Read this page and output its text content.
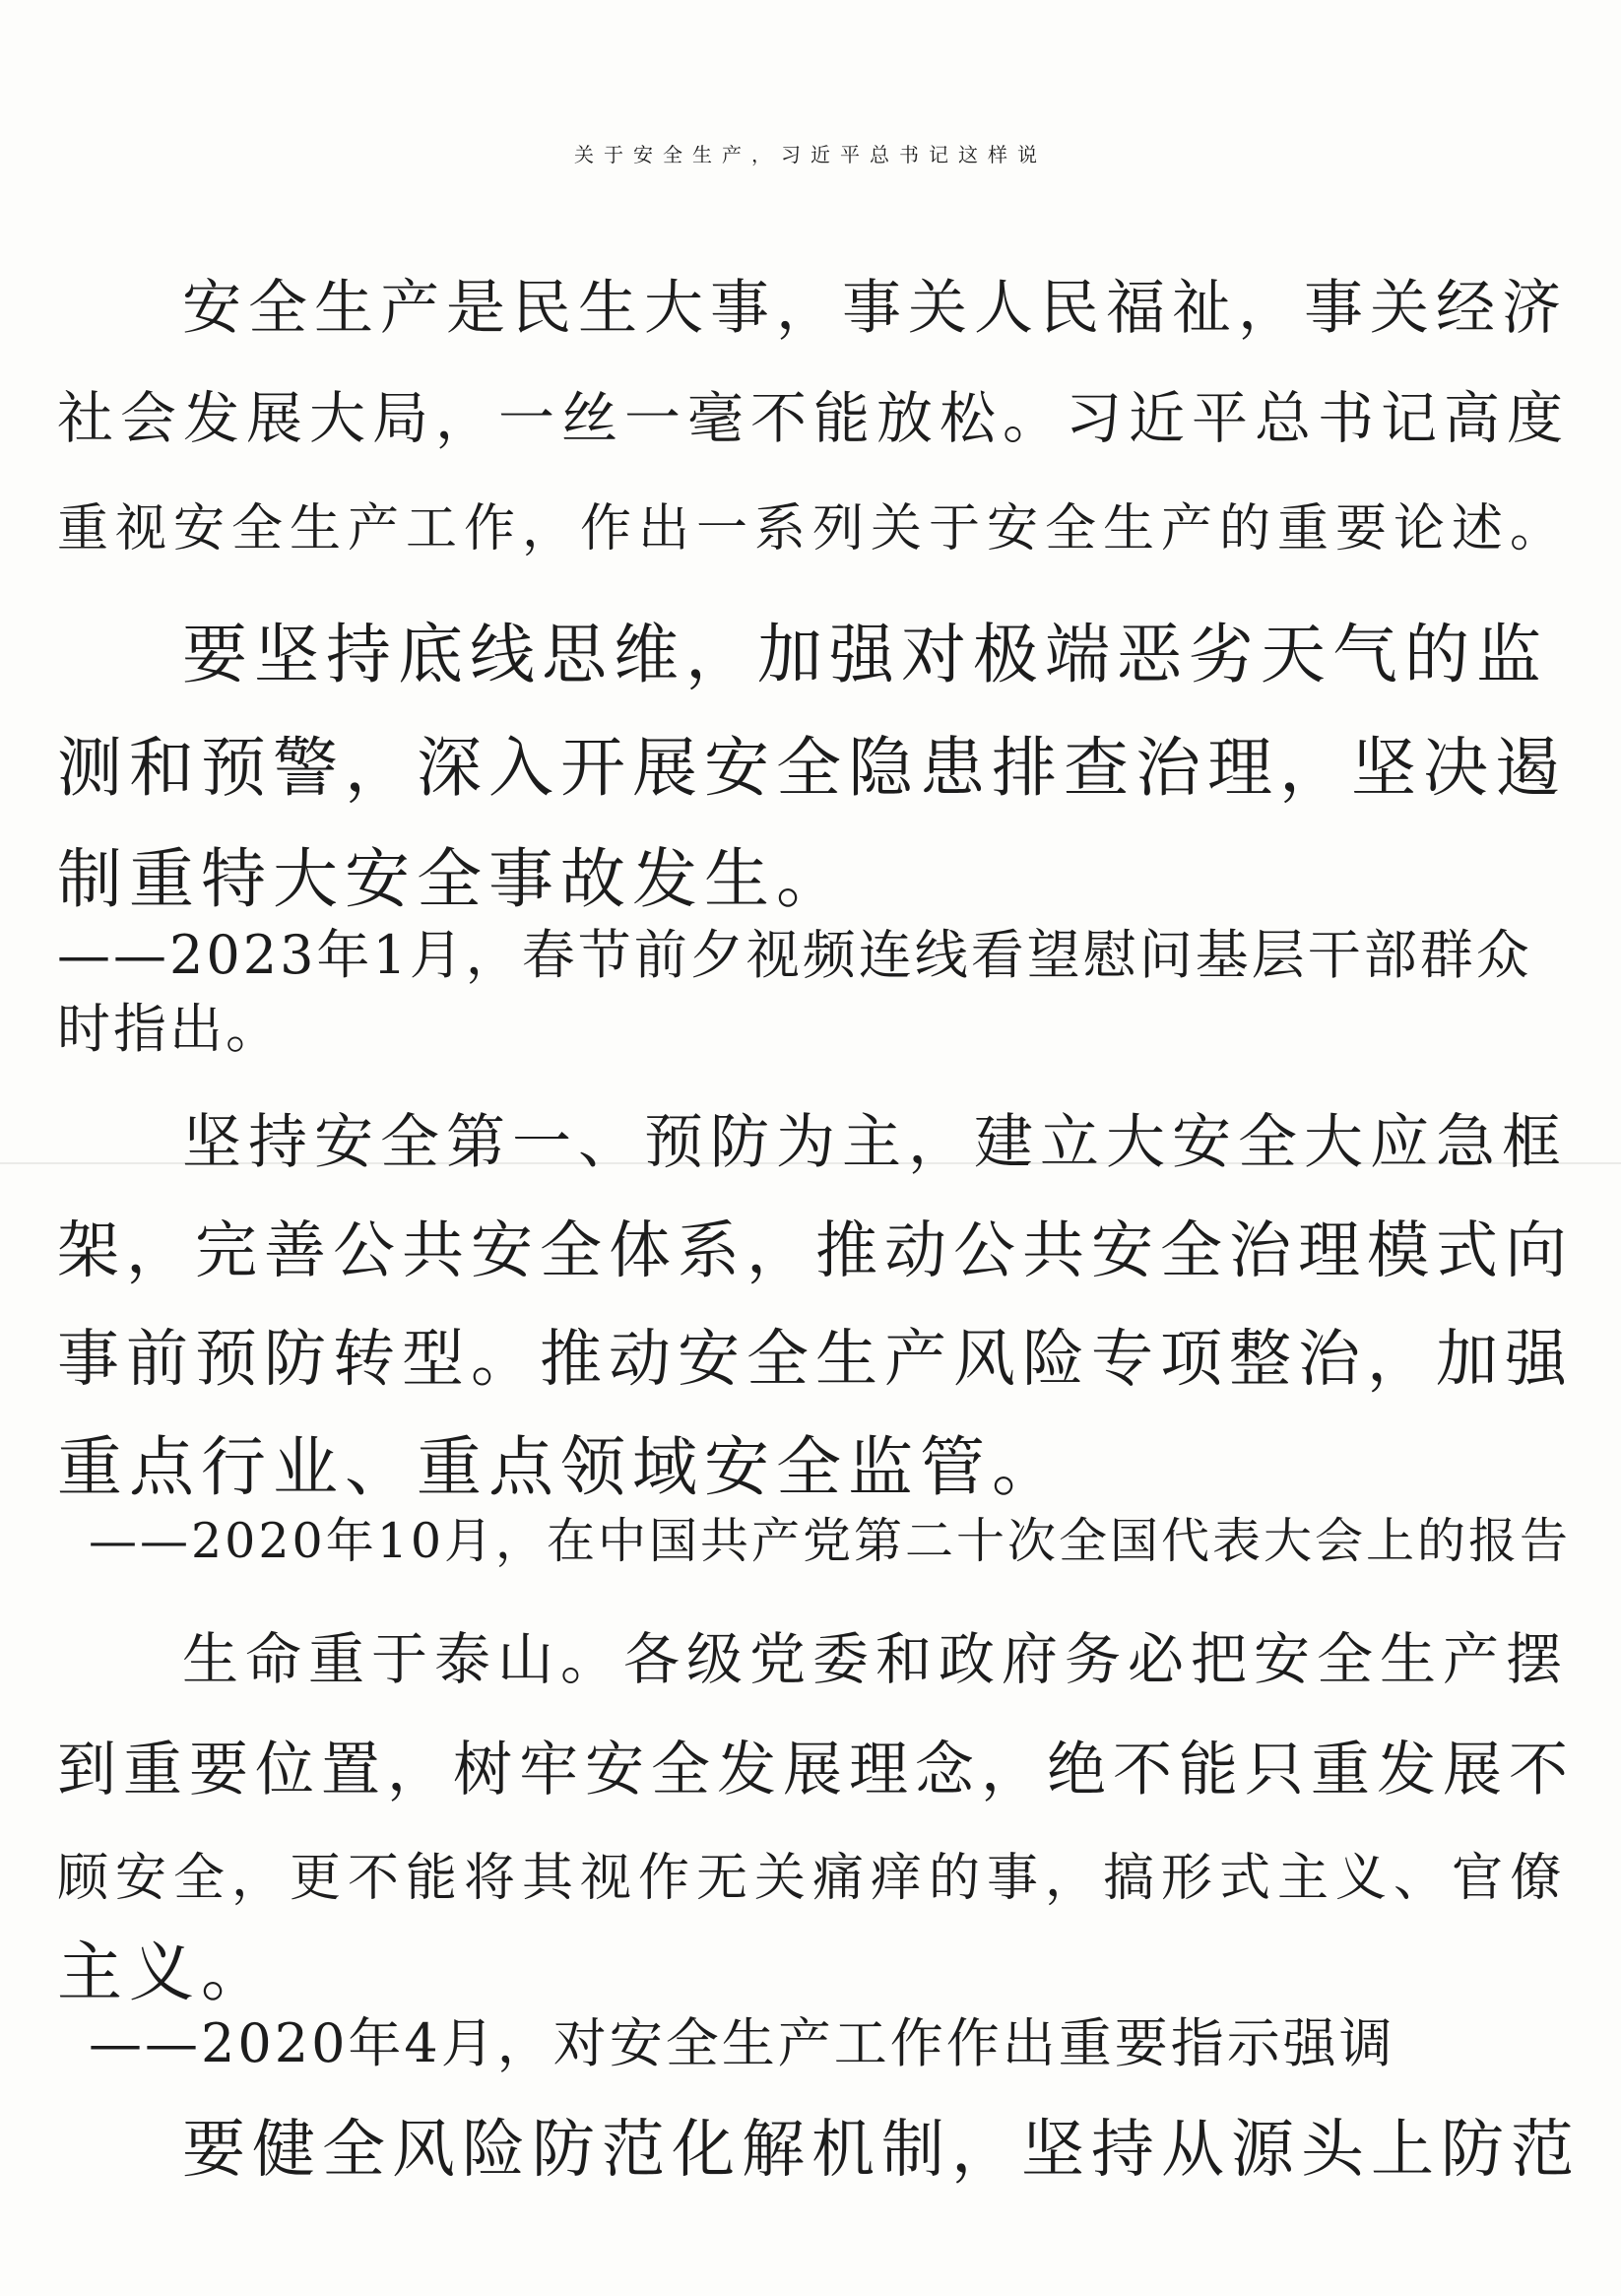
关于安全生产，习近平总书记这样说
安全生产是民生大事，事关人民福祉，事关经济
社会发展大局，一丝一毫不能放松。习近平总书记高度
重视安全生产工作，作出一系列关于安全生产的重要论述。
要坚持底线思维，加强对极端恶劣天气的监
测和预警，深入开展安全隐患排查治理，坚决遏
制重特大安全事故发生。
——2023年1月，春节前夕视频连线看望慰问基层干部群众
时指出。
坚持安全第一、预防为主，建立大安全大应急框
架，完善公共安全体系，推动公共安全治理模式向
事前预防转型。推动安全生产风险专项整治，加强
重点行业、重点领域安全监管。
——2020年10月，在中国共产党第二十次全国代表大会上的报告
生命重于泰山。各级党委和政府务必把安全生产摆
到重要位置，树牢安全发展理念，绝不能只重发展不
顾安全，更不能将其视作无关痛痒的事，搞形式主义、官僚
主义。
——2020年4月，对安全生产工作作出重要指示强调
要健全风险防范化解机制，坚持从源头上防范
